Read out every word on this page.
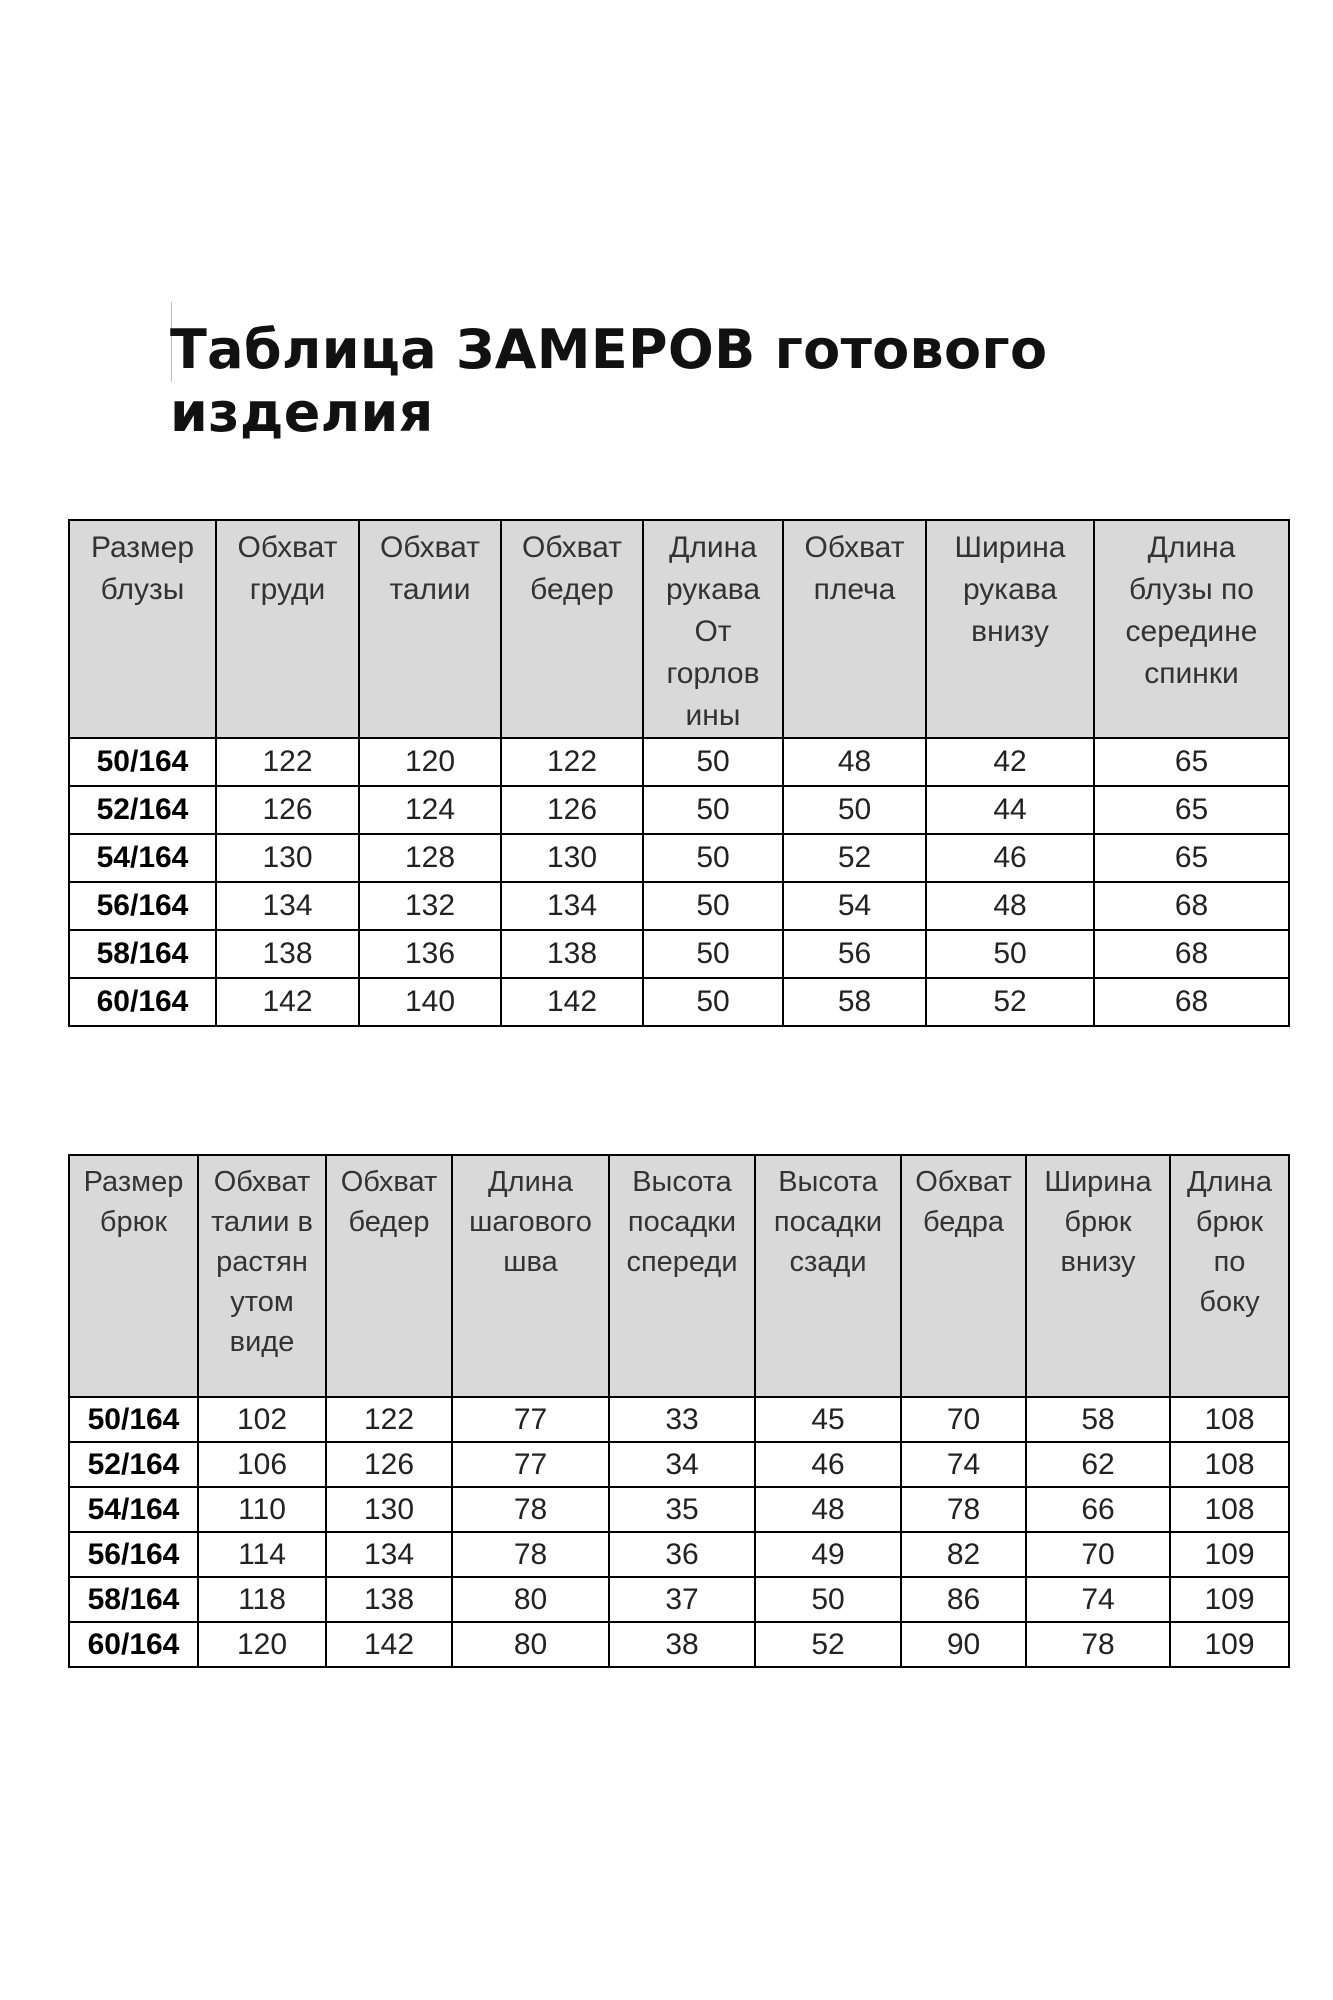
Таблица ЗАМЕРОВ готового изделия
Размер блузы	Обхват груди	Обхват талии	Обхват бедер	Длина рукава От горлов ины	Обхват плеча	Ширина рукава внизу	Длина блузы по середине спинки
50/164	122	120	122	50	48	42	65
52/164	126	124	126	50	50	44	65
54/164	130	128	130	50	52	46	65
56/164	134	132	134	50	54	48	68
58/164	138	136	138	50	56	50	68
60/164	142	140	142	50	58	52	68
Размер брюк	Обхват талии в растян утом виде	Обхват бедер	Длина шагового шва	Высота посадки спереди	Высота посадки сзади	Обхват бедра	Ширина брюк внизу	Длина брюк по боку
50/164	102	122	77	33	45	70	58	108
52/164	106	126	77	34	46	74	62	108
54/164	110	130	78	35	48	78	66	108
56/164	114	134	78	36	49	82	70	109
58/164	118	138	80	37	50	86	74	109
60/164	120	142	80	38	52	90	78	109
